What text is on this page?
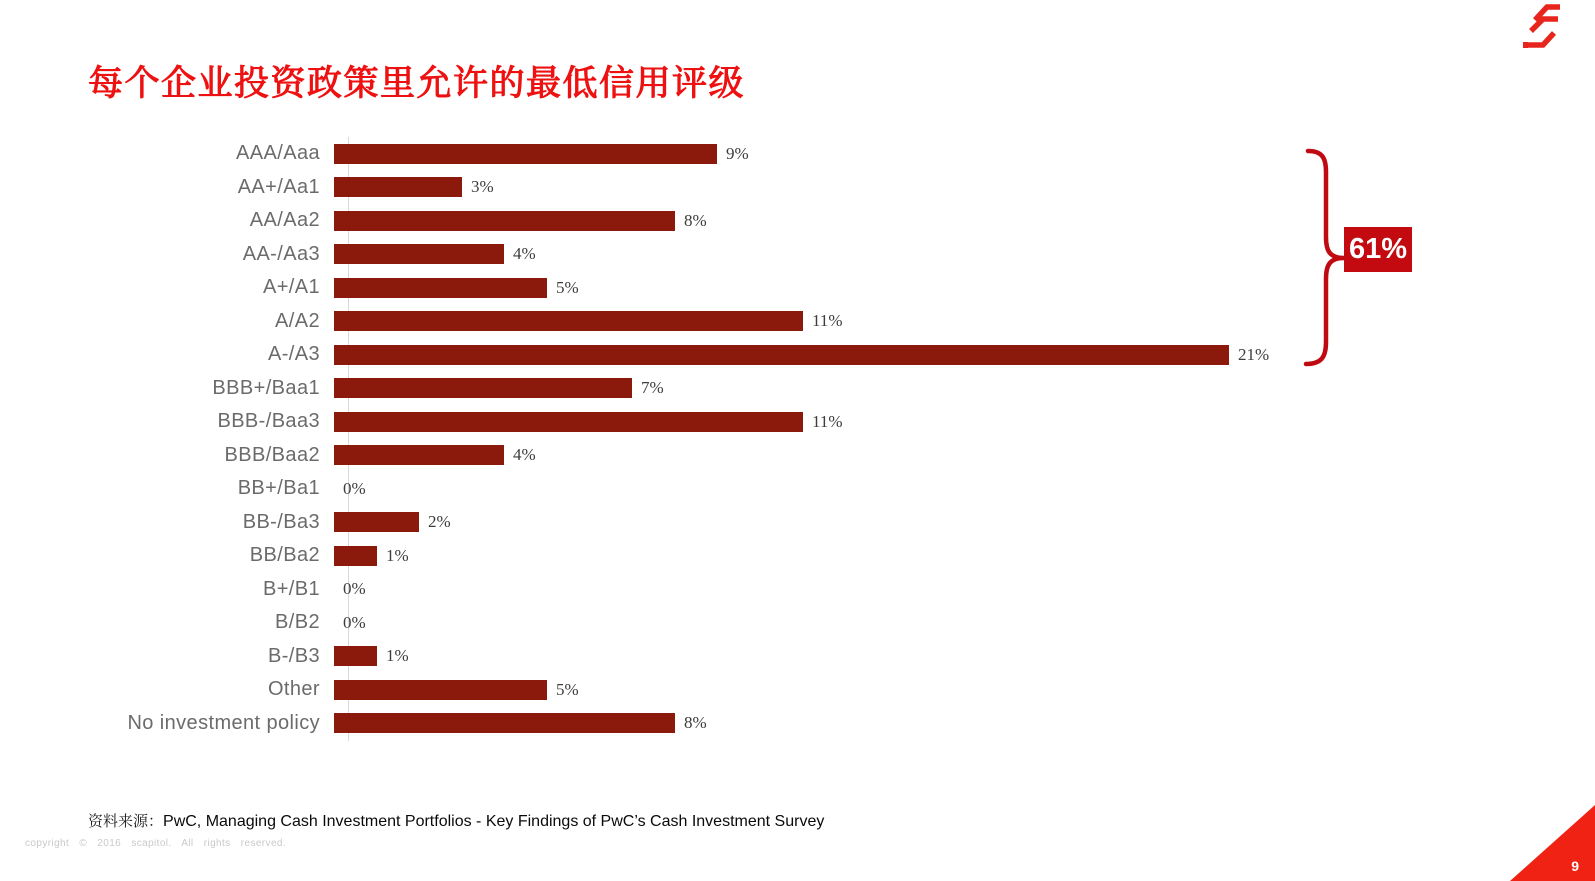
每个企业投资政策里允许的最低信用评级
AAA/Aaa	9%
AA+/Aa1	3%
AA/Aa2	8%
AA-/Aa3	4%
A+/A1	5%
A/A2	11%
A-/A3	21%
BBB+/Baa1	7%
BBB-/Baa3	11%
BBB/Baa2	4%
BB+/Ba1	0%
BB-/Ba3	2%
BB/Ba2	1%
B+/B1	0%
B/B2	0%
B-/B3	1%
Other	5%
No investment policy	8%
61%
资料来源：PwC, Managing Cash Investment Portfolios - Key Findings of PwC’s Cash Investment Survey
copyright © 2016 scapitol. All rights reserved.
9
